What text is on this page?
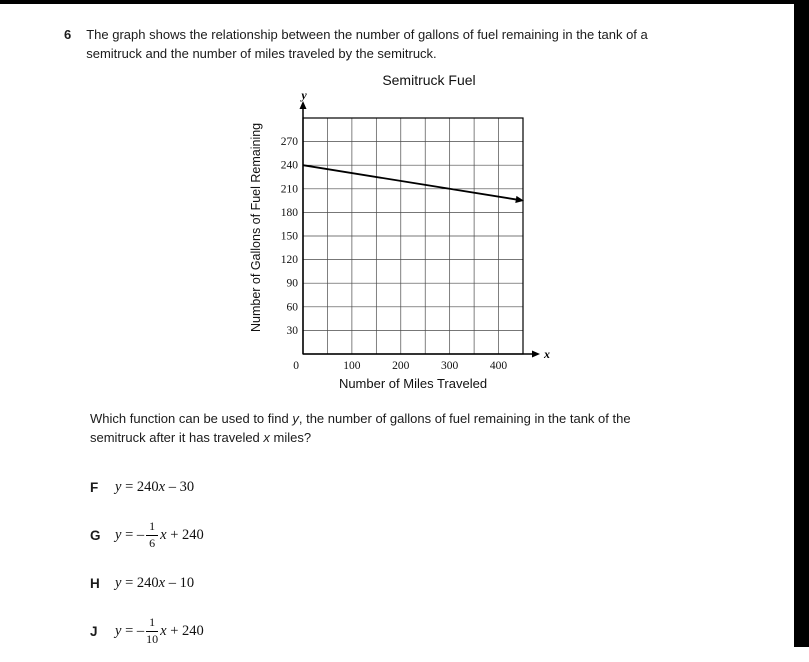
6 The graph shows the relationship between the number of gallons of fuel remaining in the tank of a semitruck and the number of miles traveled by the semitruck.

Semitruck Fuel
Number of Gallons of Fuel Remaining
y
x
30
60
90
120
150
180
210
240
270
100	200	300	400
0
Number of Miles Traveled

Which function can be used to find y, the number of gallons of fuel remaining in the tank of the semitruck after it has traveled x miles?

F	y = 240 x – 30
G y = – $\frac{1}{6}$ x + 240
H	y = 240 x – 10
J	y = – $\frac{1}{10}$ x + 240
